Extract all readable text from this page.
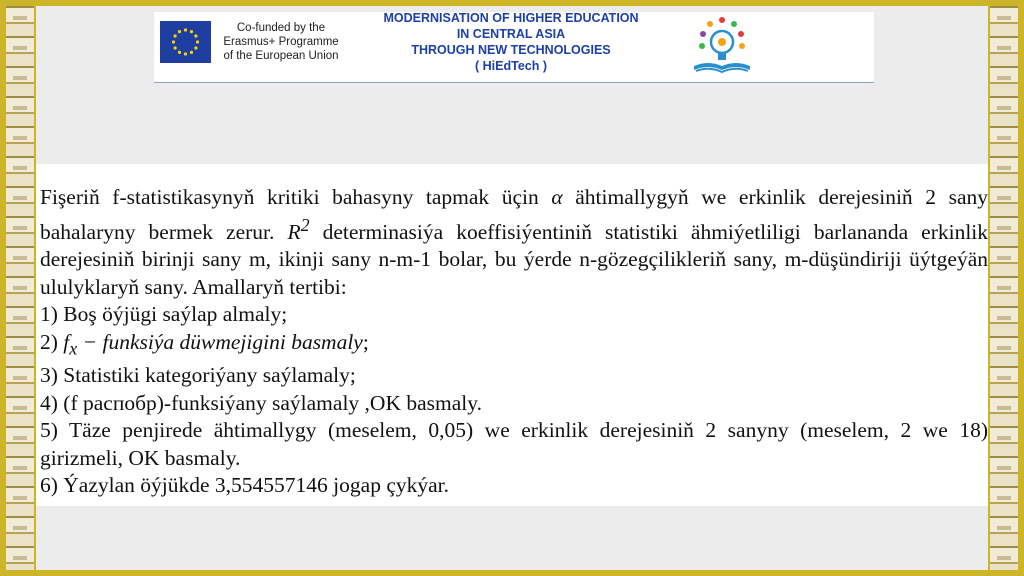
Co-funded by the
Erasmus+ Programme
of the European Union
MODERNISATION OF HIGHER EDUCATION
IN CENTRAL ASIA
THROUGH NEW TECHNOLOGIES
( HiEdTech )
Fişeriň f-statistikasynyň kritiki bahasyny tapmak üçin α ähtimallygyň we erkinlik derejesiniň 2 sany bahalaryny bermek zerur. $R^2$ determinasiýa koeffisiýentiniň statistiki ähmiýetliligi barlananda erkinlik derejesiniň birinji sany m, ikinji sany n-m-1 bolar, bu ýerde n-gözegçilikleriň sany, m-düşündiriji üýtgeýän ululyklaryň sany. Amallaryň tertibi:
1) Boş öýjügi saýlap almaly;
2) $f_x$ − funksiýa düwmejigini basmaly;
3) Statistiki kategoriýany saýlamaly;
4) (f распобр)-funksiýany saýlamaly ,OK basmaly.
5) Täze penjirede ähtimallygy (meselem, 0,05) we erkinlik derejesiniň 2 sanyny (meselem, 2 we 18) girizmeli, OK basmaly.
6) Ýazylan öýjükde 3,554557146 jogap çykýar.
